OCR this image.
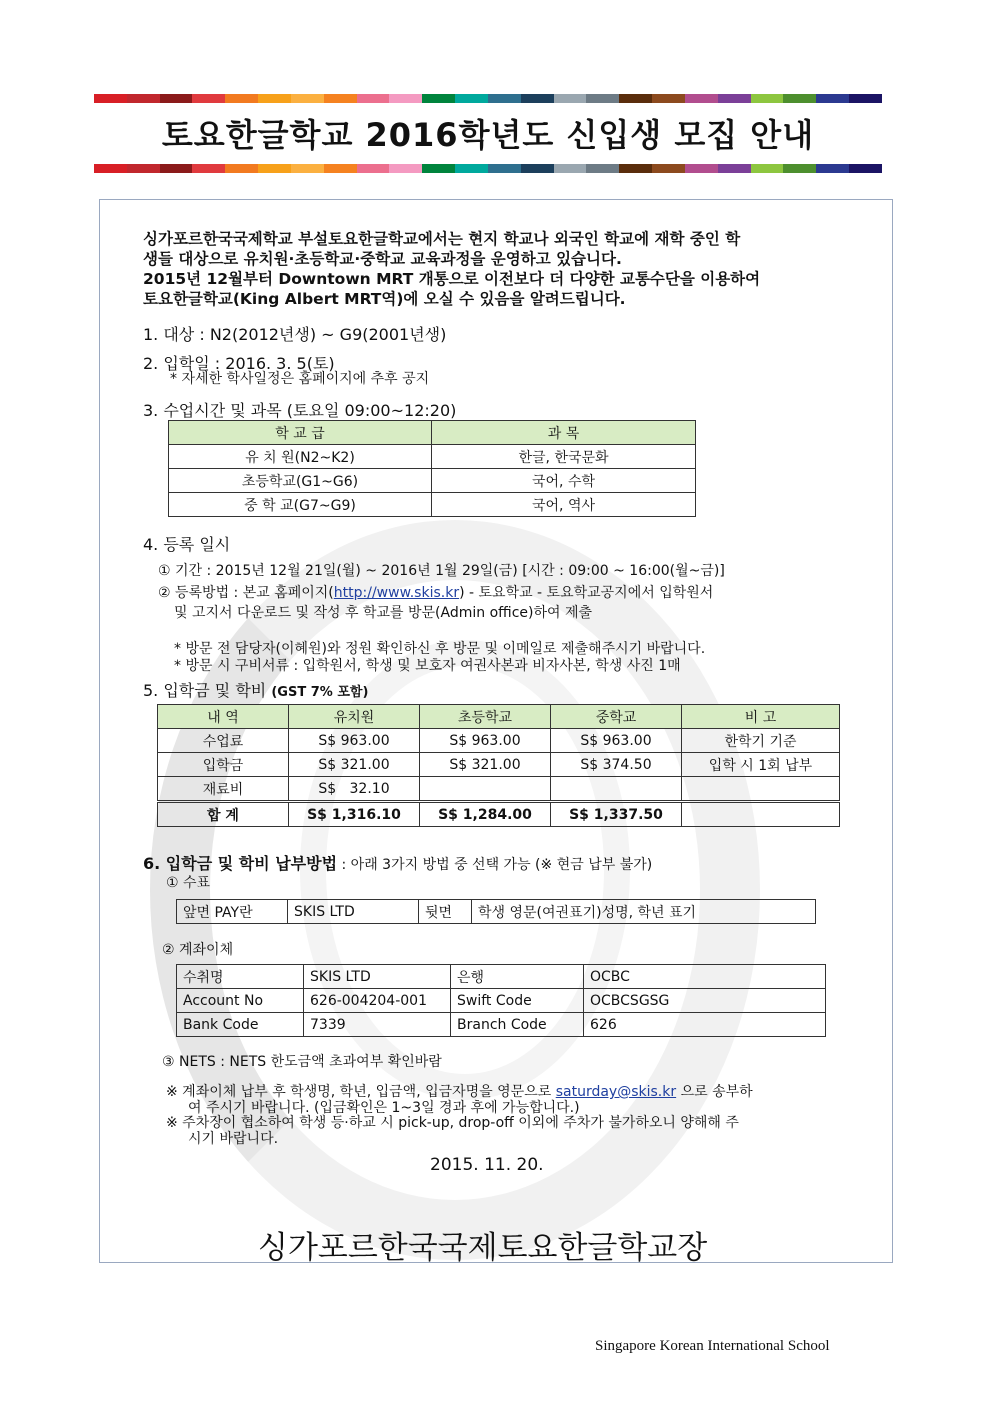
토요한글학교 2016학년도 신입생 모집 안내
싱가포르한국국제학교 부설토요한글학교에서는 현지 학교나 외국인 학교에 재학 중인 학
생들 대상으로 유치원·초등학교·중학교 교육과정을 운영하고 있습니다.
2015년 12월부터 Downtown MRT 개통으로 이전보다 더 다양한 교통수단을 이용하여
토요한글학교(King Albert MRT역)에 오실 수 있음을 알려드립니다.
1. 대상 : N2(2012년생) ~ G9(2001년생)
2. 입학일 : 2016. 3. 5(토)
* 자세한 학사일정은 홈페이지에 추후 공지
3. 수업시간 및 과목 (토요일 09:00~12:20)
학 교 급	과 목
유 치 원(N2~K2)	한글, 한국문화
초등학교(G1~G6)	국어, 수학
중 학 교(G7~G9)	국어, 역사
4. 등록 일시
① 기간 : 2015년 12월 21일(월) ~ 2016년 1월 29일(금) [시간 : 09:00 ~ 16:00(월~금)]
② 등록방법 : 본교 홈페이지(http://www.skis.kr) - 토요학교 - 토요학교공지에서 입학원서
및 고지서 다운로드 및 작성 후 학교를 방문(Admin office)하여 제출
* 방문 전 담당자(이혜원)와 정원 확인하신 후 방문 및 이메일로 제출해주시기 바랍니다.
* 방문 시 구비서류 : 입학원서, 학생 및 보호자 여권사본과 비자사본, 학생 사진 1매
5. 입학금 및 학비 (GST 7% 포함)
내 역	유치원	초등학교	중학교	비 고
수업료	S$ 963.00	S$ 963.00	S$ 963.00	한학기 기준
입학금	S$ 321.00	S$ 321.00	S$ 374.50	입학 시 1회 납부
재료비	S$   32.10			
합 계	S$ 1,316.10	S$ 1,284.00	S$ 1,337.50	
6. 입학금 및 학비 납부방법 : 아래 3가지 방법 중 선택 가능 (※ 현금 납부 불가)
① 수표
앞면 PAY란	SKIS LTD	뒷면	학생 영문(여권표기)성명, 학년 표기
② 계좌이체
수취명	SKIS LTD	은행	OCBC
Account No	626-004204-001	Swift Code	OCBCSGSG
Bank Code	7339	Branch Code	626
③ NETS : NETS 한도금액 초과여부 확인바람
※ 계좌이체 납부 후 학생명, 학년, 입금액, 입금자명을 영문으로 saturday@skis.kr 으로 송부하
여 주시기 바랍니다. (입금확인은 1~3일 경과 후에 가능합니다.)
※ 주차장이 협소하여 학생 등·하교 시 pick-up, drop-off 이외에 주차가 불가하오니 양해해 주
시기 바랍니다.
2015. 11. 20.
싱가포르한국국제토요한글학교장
Singapore Korean International School
